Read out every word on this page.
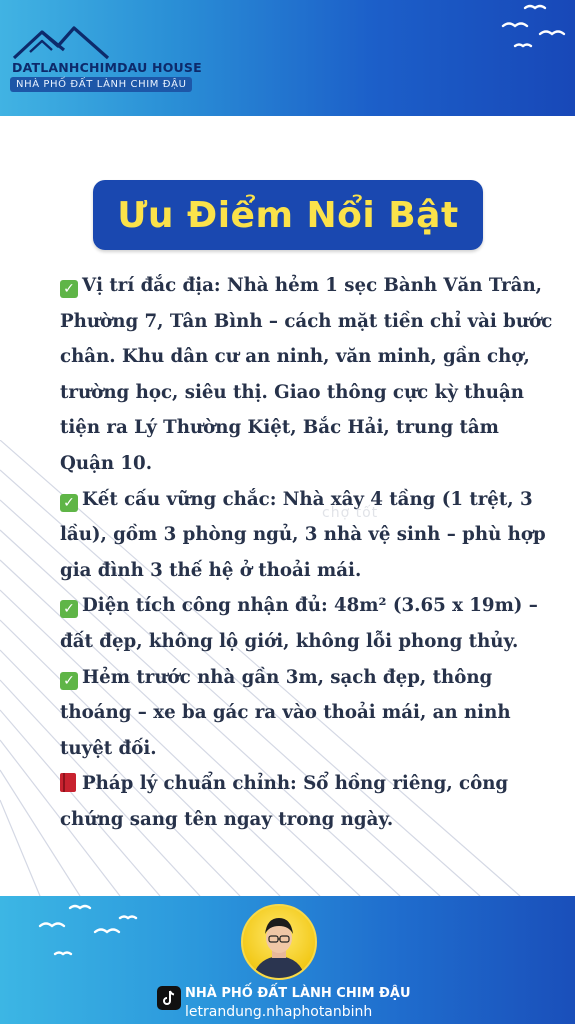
DATLANHCHIMDAU HOUSE
NHÀ PHỐ ĐẤT LÀNH CHIM ĐẬU
Ưu Điểm Nổi Bật

✓ Vị trí đắc địa: Nhà hẻm 1 sẹc Bành Văn Trân, Phường 7, Tân Bình – cách mặt tiền chỉ vài bước chân. Khu dân cư an ninh, văn minh, gần chợ, trường học, siêu thị. Giao thông cực kỳ thuận tiện ra Lý Thường Kiệt, Bắc Hải, trung tâm Quận 10.

✓ Kết cấu vững chắc: Nhà xây 4 tầng (1 trệt, 3 lầu), gồm 3 phòng ngủ, 3 nhà vệ sinh – phù hợp gia đình 3 thế hệ ở thoải mái.

✓ Diện tích công nhận đủ: 48m² (3.65 x 19m) – đất đẹp, không lộ giới, không lỗi phong thủy.

✓ Hẻm trước nhà gần 3m, sạch đẹp, thông thoáng – xe ba gác ra vào thoải mái, an ninh tuyệt đối.

Pháp lý chuẩn chỉnh: Sổ hồng riêng, công chứng sang tên ngay trong ngày.

chợ tốt
NHÀ PHỐ ĐẤT LÀNH CHIM ĐẬU
letrandung.nhaphotanbinh
